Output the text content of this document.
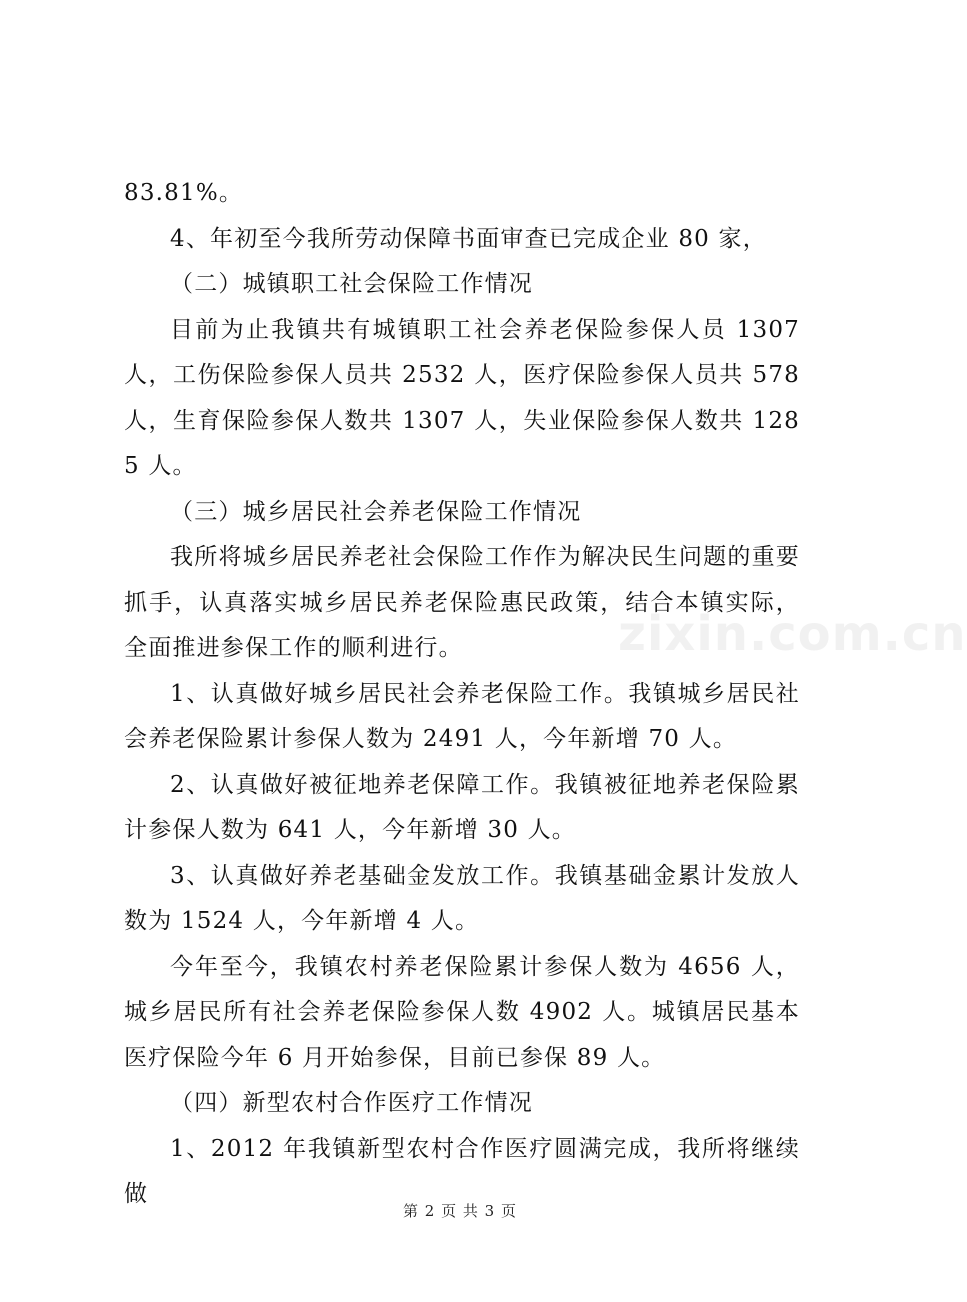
83.81%。

4、年初至今我所劳动保障书面审查已完成企业 80 家，

（二）城镇职工社会保险工作情况

目前为止我镇共有城镇职工社会养老保险参保人员 1307 人，工伤保险参保人员共 2532 人，医疗保险参保人员共 578 人，生育保险参保人数共 1307 人，失业保险参保人数共 1285 人。

（三）城乡居民社会养老保险工作情况

我所将城乡居民养老社会保险工作作为解决民生问题的重要抓手，认真落实城乡居民养老保险惠民政策，结合本镇实际，全面推进参保工作的顺利进行。

1、认真做好城乡居民社会养老保险工作。我镇城乡居民社会养老保险累计参保人数为 2491 人，今年新增 70 人。

2、认真做好被征地养老保障工作。我镇被征地养老保险累计参保人数为 641 人，今年新增 30 人。

3、认真做好养老基础金发放工作。我镇基础金累计发放人数为 1524 人，今年新增 4 人。

今年至今，我镇农村养老保险累计参保人数为 4656 人，城乡居民所有社会养老保险参保人数 4902 人。城镇居民基本医疗保险今年 6 月开始参保，目前已参保 89 人。

（四）新型农村合作医疗工作情况

1、2012 年我镇新型农村合作医疗圆满完成，我所将继续做

zixin.com.cn
第 2 页 共 3 页
